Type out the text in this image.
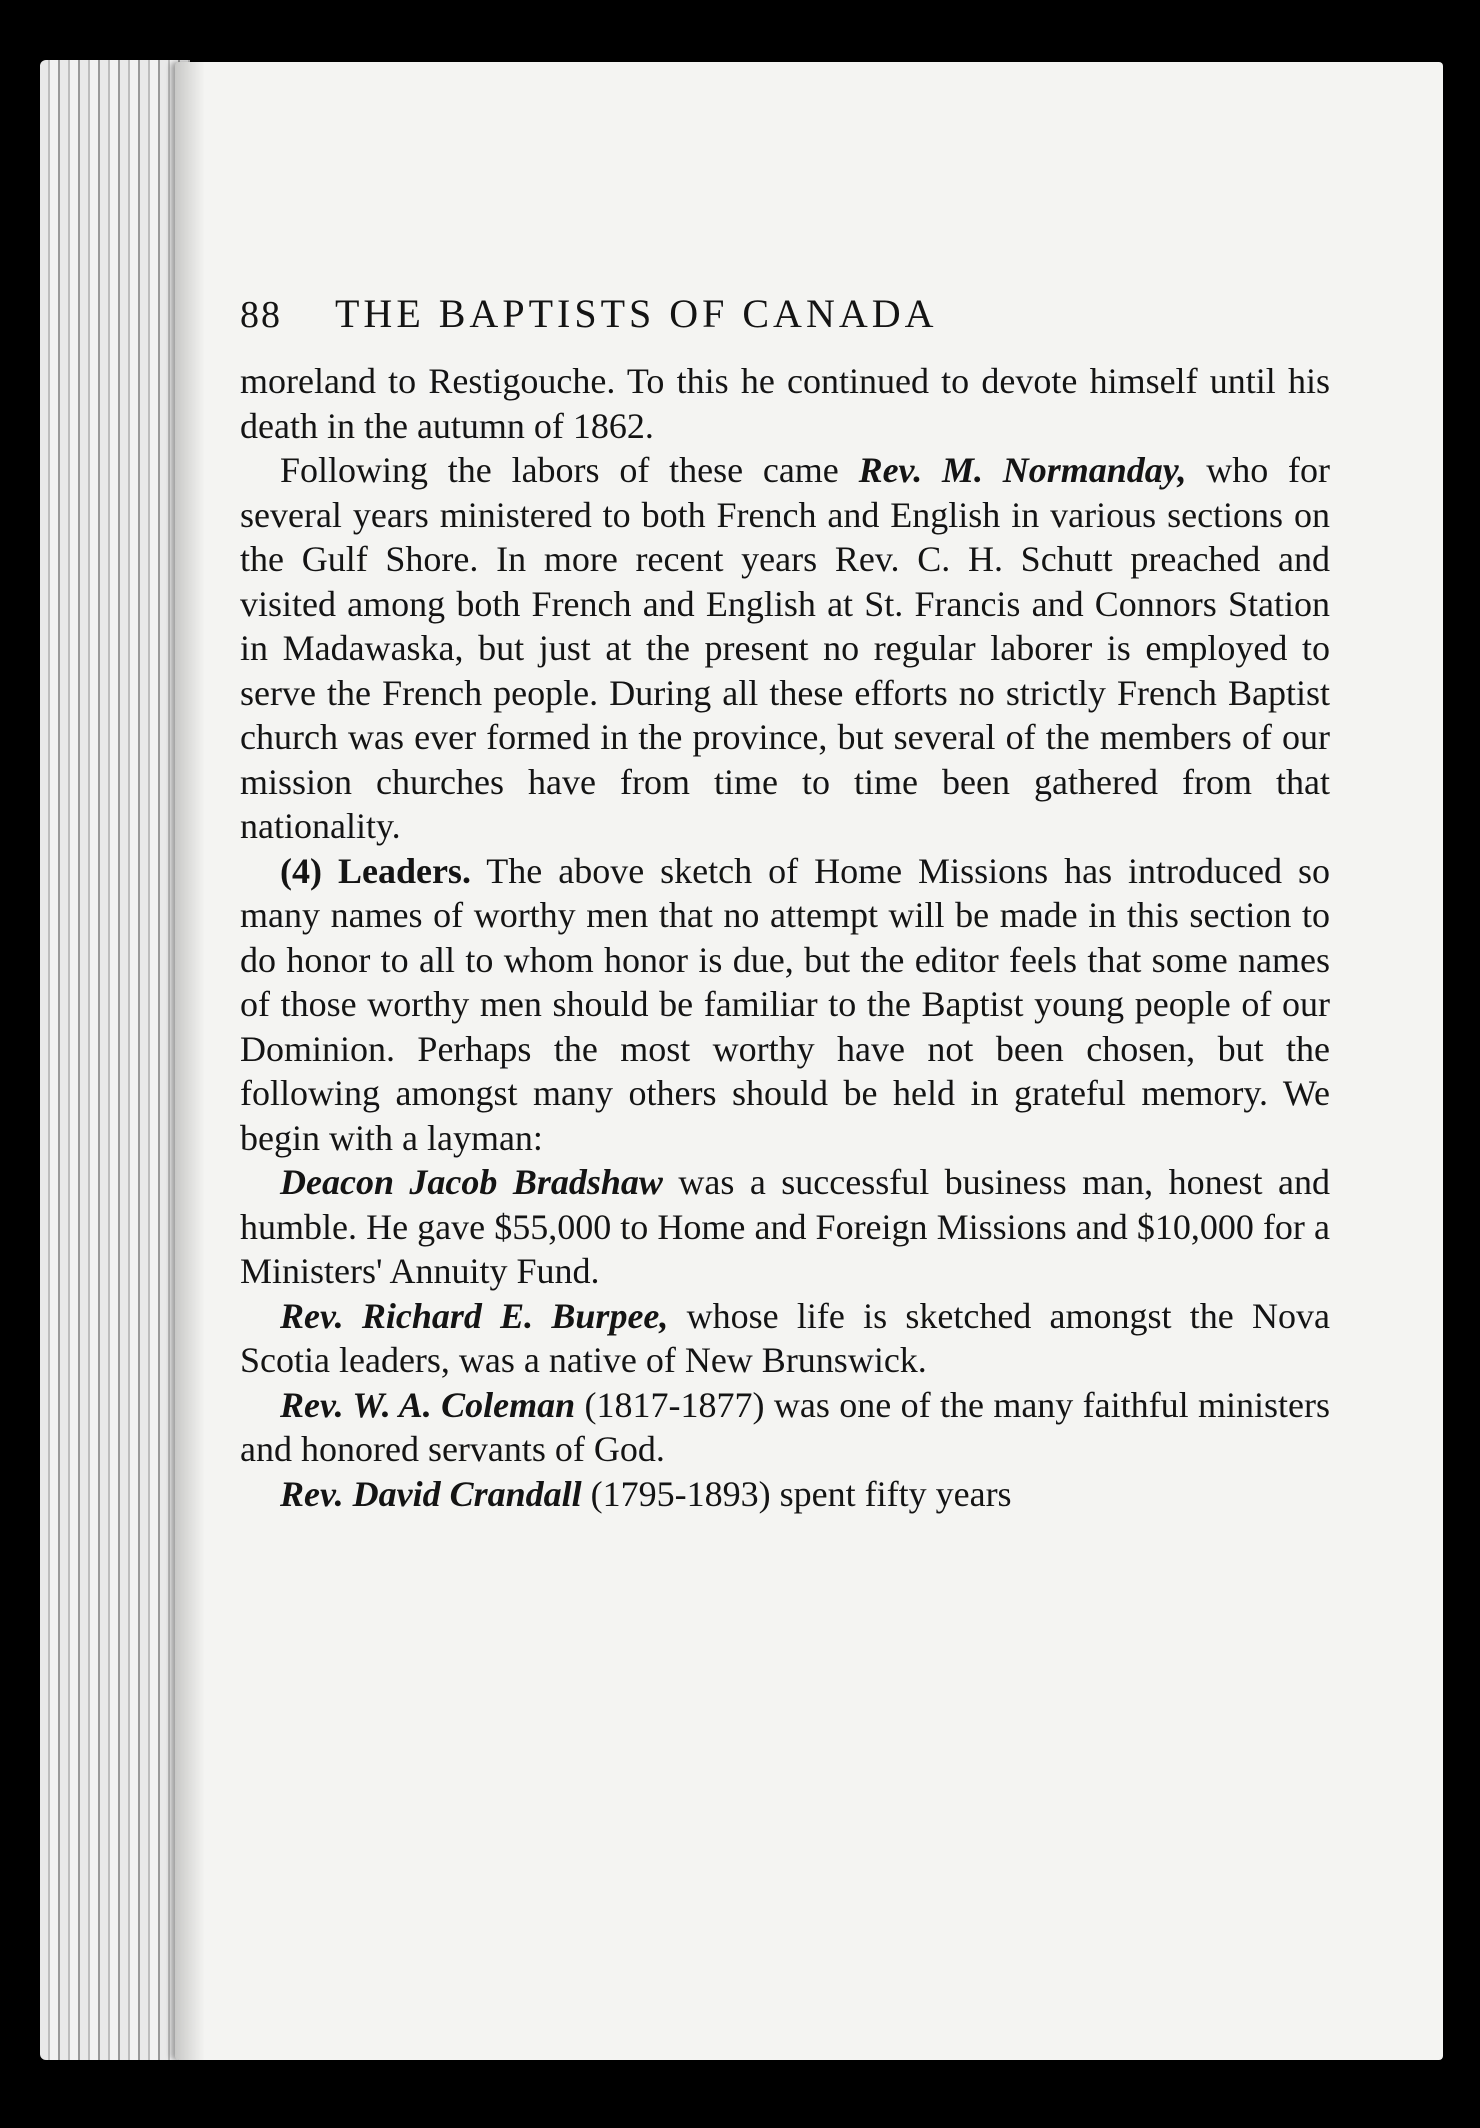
88	THE BAPTISTS OF CANADA

moreland to Restigouche. To this he continued to devote himself until his death in the autumn of 1862.

Following the labors of these came Rev. M. Normanday, who for several years ministered to both French and English in various sections on the Gulf Shore. In more recent years Rev. C. H. Schutt preached and visited among both French and English at St. Francis and Connors Station in Madawaska, but just at the present no regular laborer is employed to serve the French people. During all these efforts no strictly French Baptist church was ever formed in the province, but several of the members of our mission churches have from time to time been gathered from that nationality.

(4) Leaders. The above sketch of Home Missions has introduced so many names of worthy men that no attempt will be made in this section to do honor to all to whom honor is due, but the editor feels that some names of those worthy men should be familiar to the Baptist young people of our Dominion. Perhaps the most worthy have not been chosen, but the following amongst many others should be held in grateful memory. We begin with a layman:

Deacon Jacob Bradshaw was a successful business man, honest and humble. He gave $55,000 to Home and Foreign Missions and $10,000 for a Ministers' Annuity Fund.

Rev. Richard E. Burpee, whose life is sketched amongst the Nova Scotia leaders, was a native of New Brunswick.

Rev. W. A. Coleman (1817-1877) was one of the many faithful ministers and honored servants of God.

Rev. David Crandall (1795-1893) spent fifty years
